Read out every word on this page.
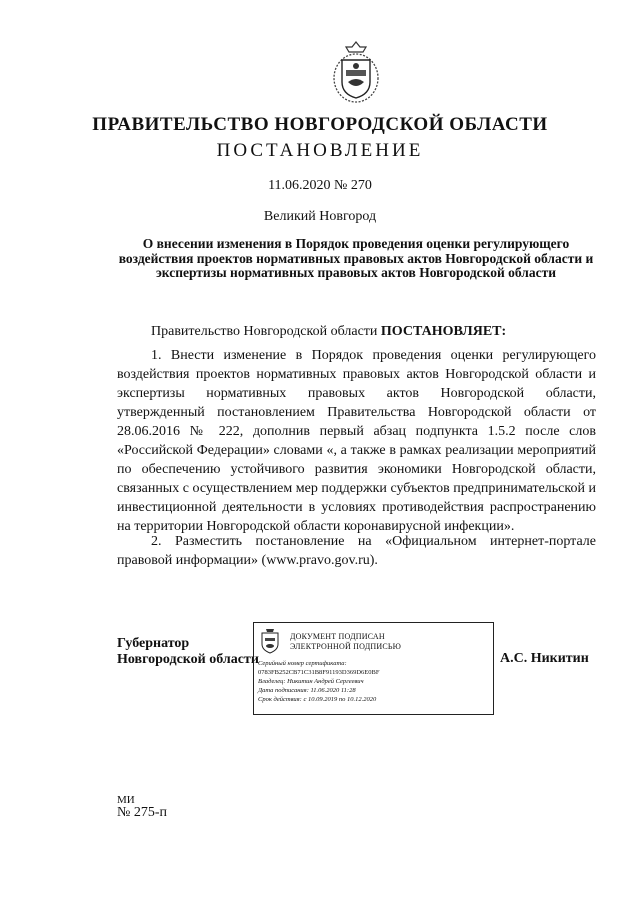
ПРАВИТЕЛЬСТВО НОВГОРОДСКОЙ ОБЛАСТИ
ПОСТАНОВЛЕНИЕ
11.06.2020 № 270
Великий Новгород
О внесении изменения в Порядок проведения оценки регулирующего воздействия проектов нормативных правовых актов Новгородской области и экспертизы нормативных правовых актов Новгородской области
Правительство Новгородской области ПОСТАНОВЛЯЕТ:
1. Внести изменение в Порядок проведения оценки регулирующего воздействия проектов нормативных правовых актов Новгородской области и экспертизы нормативных правовых актов Новгородской области, утвержденный постановлением Правительства Новгородской области от 28.06.2016 № 222, дополнив первый абзац подпункта 1.5.2 после слов «Российской Федерации» словами «, а также в рамках реализации мероприятий по обеспечению устойчивого развития экономики Новгородской области, связанных с осуществлением мер поддержки субъектов предпринимательской и инвестиционной деятельности в условиях противодействия распространению на территории Новгородской области коронавирусной инфекции».
2. Разместить постановление на «Официальном интернет-портале правовой информации» (www.pravo.gov.ru).
Губернатор
Новгородской области
ДОКУМЕНТ ПОДПИСАН
ЭЛЕКТРОННОЙ ПОДПИСЬЮ
Серийный номер сертификата:
0783FB252CB71C31B8F91193D369D6E0BF
Владелец: Никитин Андрей Сергеевич
Дата подписания: 11.06.2020 11:28
Срок действия: с 10.09.2019 по 10.12.2020
А.С. Никитин
МИ
№ 275-п
